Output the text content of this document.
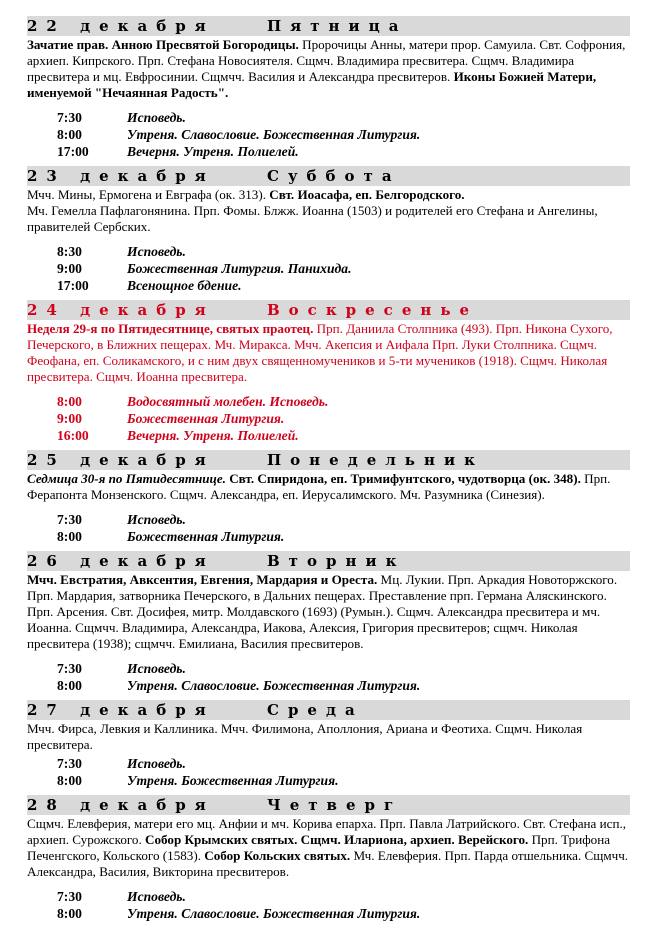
22 декабря	Пятница
Зачатие прав. Анною Пресвятой Богородицы. Пророчицы Анны, матери прор. Самуила. Свт. Софрония, архиеп. Кипрского. Прп. Стефана Новосиятеля. Сщмч. Владимира пресвитера. Сщмч. Владимира пресвитера и мц. Евфросинии. Сщмчч. Василия и Александра пресвитеров. Иконы Божией Матери, именуемой "Нечаянная Радость".
7:30	Исповедь.
8:00	Утреня. Славословие. Божественная Литургия.
17:00	Вечерня. Утреня. Полиелей.
23 декабря	Суббота
Мчч. Мины, Ермогена и Евграфа (ок. 313). Свт. Иоасафа, еп. Белгородского.
Мч. Гемелла Пафлагонянина. Прп. Фомы. Блжж. Иоанна (1503) и родителей его Стефана и Ангелины, правителей Сербских.
8:30	Исповедь.
9:00	Божественная Литургия. Панихида.
17:00	Всенощное бдение.
24 декабря	Воскресенье
Неделя 29-я по Пятидесятнице, святых праотец. Прп. Даниила Столпника (493). Прп. Никона Сухого, Печерского, в Ближних пещерах. Мч. Миракса. Мчч. Акепсия и Аифала Прп. Луки Столпника. Сщмч. Феофана, еп. Соликамского, и с ним двух священномучеников и 5-ти мучеников (1918). Сщмч. Николая пресвитера. Сщмч. Иоанна пресвитера.
8:00	Водосвятный молебен. Исповедь.
9:00	Божественная Литургия.
16:00	Вечерня. Утреня. Полиелей.
25 декабря	Понедельник
Седмица 30-я по Пятидесятнице. Свт. Спиридона, еп. Тримифунтского, чудотворца (ок. 348). Прп. Ферапонта Монзенского. Сщмч. Александра, еп. Иерусалимского. Мч. Разумника (Синезия).
7:30	Исповедь.
8:00	Божественная Литургия.
26 декабря	Вторник
Мчч. Евстратия, Авксентия, Евгения, Мардария и Ореста. Мц. Лукии. Прп. Аркадия Новоторжского. Прп. Мардария, затворника Печерского, в Дальних пещерах. Преставление прп. Германа Аляскинского. Прп. Арсения. Свт. Досифея, митр. Молдавского (1693) (Румын.). Сщмч. Александра пресвитера и мч. Иоанна. Сщмчч. Владимира, Александра, Иакова, Алексия, Григория пресвитеров; сщмч. Николая пресвитера (1938); сщмчч. Емилиана, Василия пресвитеров.
7:30	Исповедь.
8:00	Утреня. Славословие. Божественная Литургия.
27 декабря	Среда
Мчч. Фирса, Левкия и Каллиника. Мчч. Филимона, Аполлония, Ариана и Феотиха. Сщмч. Николая пресвитера.
7:30	Исповедь.
8:00	Утреня. Божественная Литургия.
28 декабря	Четверг
Сщмч. Елевферия, матери его мц. Анфии и мч. Корива епарха. Прп. Павла Латрийского. Свт. Стефана исп., архиеп. Сурожского. Собор Крымских святых. Сщмч. Илариона, архиеп. Верейского. Прп. Трифона Печенгского, Кольского (1583). Собор Кольских святых. Мч. Елевферия. Прп. Парда отшельника. Сщмчч. Александра, Василия, Викторина пресвитеров.
7:30	Исповедь.
8:00	Утреня. Славословие. Божественная Литургия.
